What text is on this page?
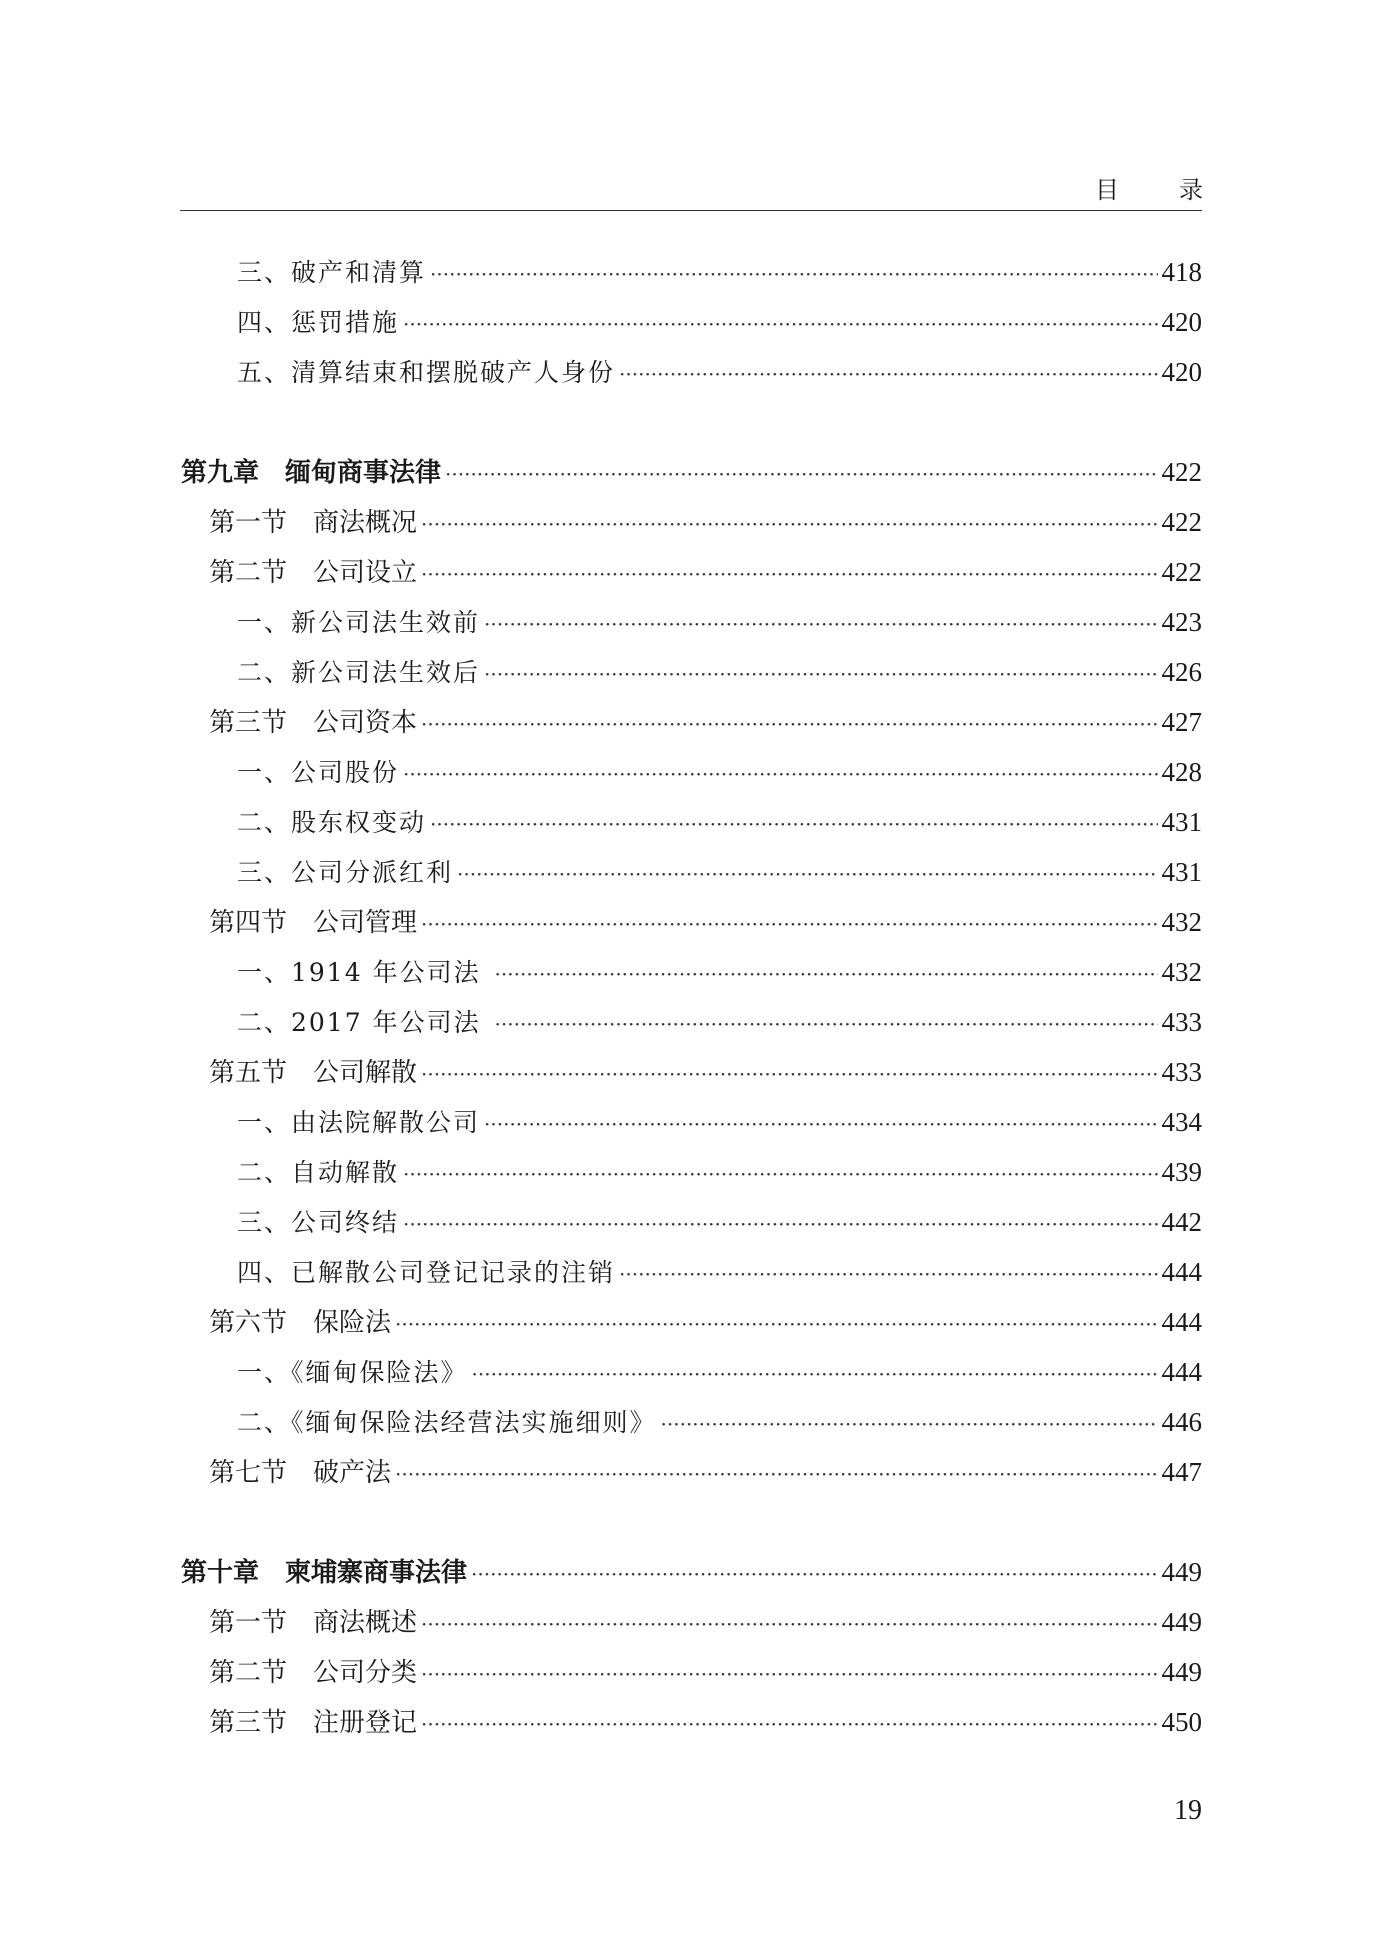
目　录
三、破产和清算 ·····	418
四、惩罚措施 ·····	420
五、清算结束和摆脱破产人身份 ·····	420
第九章　缅甸商事法律 ·····	422
第一节　商法概况 ·····	422
第二节　公司设立 ·····	422
一、新公司法生效前 ·····	423
二、新公司法生效后 ·····	426
第三节　公司资本 ·····	427
一、公司股份 ·····	428
二、股东权变动 ·····	431
三、公司分派红利 ·····	431
第四节　公司管理 ·····	432
一、1914 年公司法 ·····	432
二、2017 年公司法 ·····	433
第五节　公司解散 ·····	433
一、由法院解散公司 ·····	434
二、自动解散 ·····	439
三、公司终结 ·····	442
四、已解散公司登记记录的注销 ·····	444
第六节　保险法 ·····	444
一、《缅甸保险法》 ·····	444
二、《缅甸保险法经营法实施细则》 ·····	446
第七节　破产法 ·····	447
第十章　柬埔寨商事法律 ·····	449
第一节　商法概述 ·····	449
第二节　公司分类 ·····	449
第三节　注册登记 ·····	450
19
